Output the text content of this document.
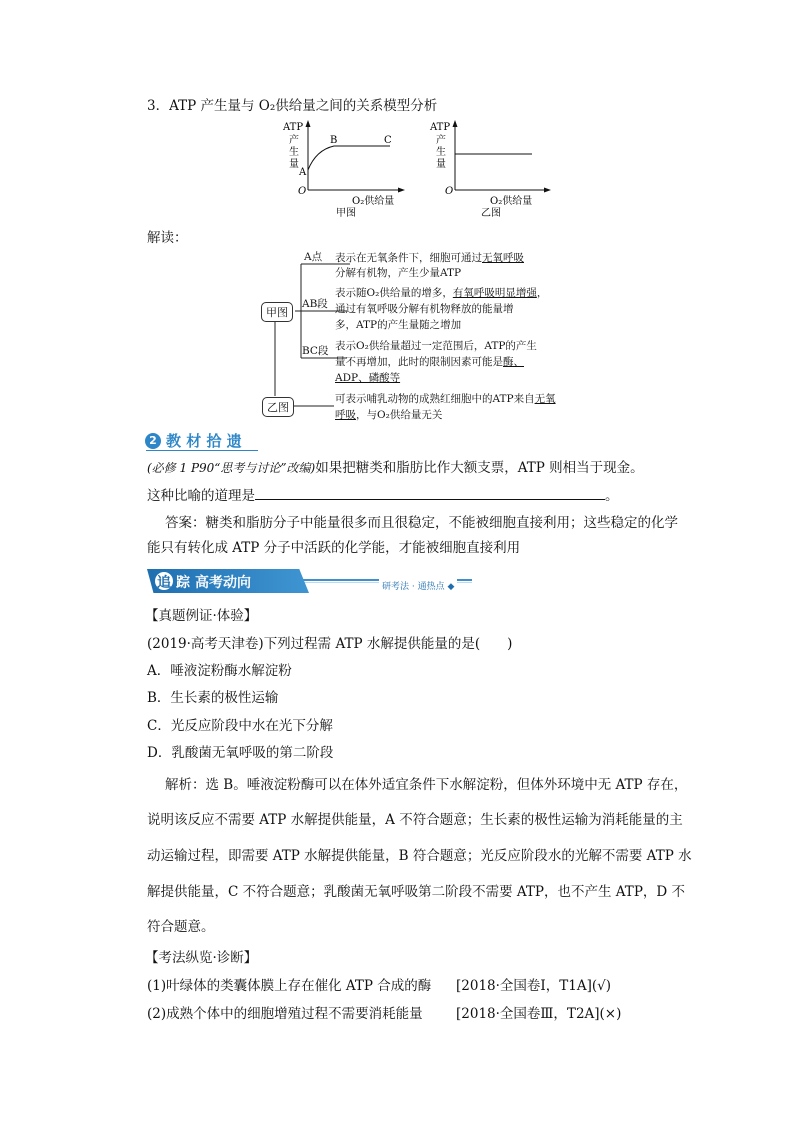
3．ATP 产生量与 O₂供给量之间的关系模型分析
ATP
产
生
量
A
B	C
O
O₂供给量
甲图
ATP
产
生
量
O
O₂供给量
乙图
解读：
甲图
乙图
A点
AB段
BC段
表示在无氧条件下，细胞可通过无氧呼吸
分解有机物，产生少量ATP
表示随O₂供给量的增多，有氧呼吸明显增强，
通过有氧呼吸分解有机物释放的能量增
多，ATP的产生量随之增加
表示O₂供给量超过一定范围后，ATP的产生
量不再增加，此时的限制因素可能是酶、
ADP、磷酸等
可表示哺乳动物的成熟红细胞中的ATP来自无氧
呼吸，与O₂供给量无关
2 教 材 拾 遗
(必修 1 P90“思考与讨论”改编)如果把糖类和脂肪比作大额支票，ATP 则相当于现金。
这种比喻的道理是	。
答案：糖类和脂肪分子中能量很多而且很稳定，不能被细胞直接利用；这些稳定的化学
能只有转化成 ATP 分子中活跃的化学能，才能被细胞直接利用
追 踪 高考动向	研考法 · 通热点 ◆
【真题例证·体验】
(2019·高考天津卷)下列过程需 ATP 水解提供能量的是(　　)
A．唾液淀粉酶水解淀粉
B．生长素的极性运输
C．光反应阶段中水在光下分解
D．乳酸菌无氧呼吸的第二阶段
解析：选 B。唾液淀粉酶可以在体外适宜条件下水解淀粉，但体外环境中无 ATP 存在，
说明该反应不需要 ATP 水解提供能量，A 不符合题意；生长素的极性运输为消耗能量的主
动运输过程，即需要 ATP 水解提供能量，B 符合题意；光反应阶段水的光解不需要 ATP 水
解提供能量，C 不符合题意；乳酸菌无氧呼吸第二阶段不需要 ATP，也不产生 ATP，D 不
符合题意。
【考法纵览·诊断】
(1)叶绿体的类囊体膜上存在催化 ATP 合成的酶 [2018·全国卷Ⅰ，T1A](√)
(2)成熟个体中的细胞增殖过程不需要消耗能量 [2018·全国卷Ⅲ，T2A](×)
